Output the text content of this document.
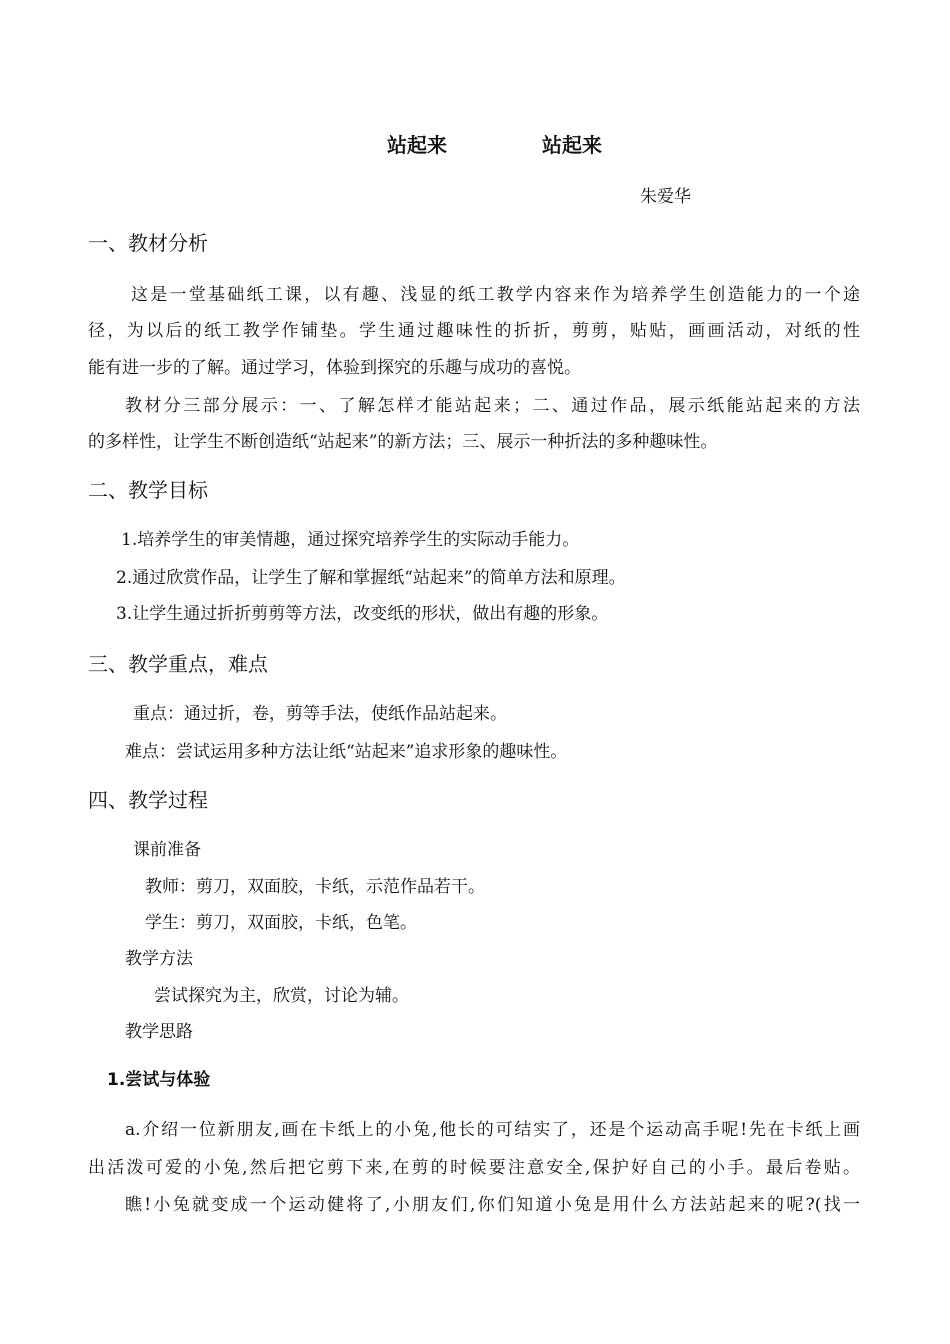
站起来	站起来
朱爱华
一、教材分析
这是一堂基础纸工课，以有趣、浅显的纸工教学内容来作为培养学生创造能力的一个途
径，为以后的纸工教学作铺垫。学生通过趣味性的折折，剪剪，贴贴，画画活动，对纸的性
能有进一步的了解。通过学习，体验到探究的乐趣与成功的喜悦。
教材分三部分展示：一、了解怎样才能站起来；二、通过作品，展示纸能站起来的方法
的多样性，让学生不断创造纸“站起来”的新方法；三、展示一种折法的多种趣味性。
二、教学目标
1.培养学生的审美情趣，通过探究培养学生的实际动手能力。
2.通过欣赏作品，让学生了解和掌握纸“站起来”的简单方法和原理。
3.让学生通过折折剪剪等方法，改变纸的形状，做出有趣的形象。
三、教学重点，难点
重点：通过折，卷，剪等手法，使纸作品站起来。
难点：尝试运用多种方法让纸“站起来”追求形象的趣味性。
四、教学过程
课前准备
教师：剪刀，双面胶，卡纸，示范作品若干。
学生：剪刀，双面胶，卡纸，色笔。
教学方法
尝试探究为主，欣赏，讨论为辅。
教学思路
1.尝试与体验
a.介绍一位新朋友,画在卡纸上的小兔,他长的可结实了，还是个运动高手呢!先在卡纸上画
出活泼可爱的小兔,然后把它剪下来,在剪的时候要注意安全,保护好自己的小手。最后卷贴。
瞧!小兔就变成一个运动健将了,小朋友们,你们知道小兔是用什么方法站起来的呢?(找一
